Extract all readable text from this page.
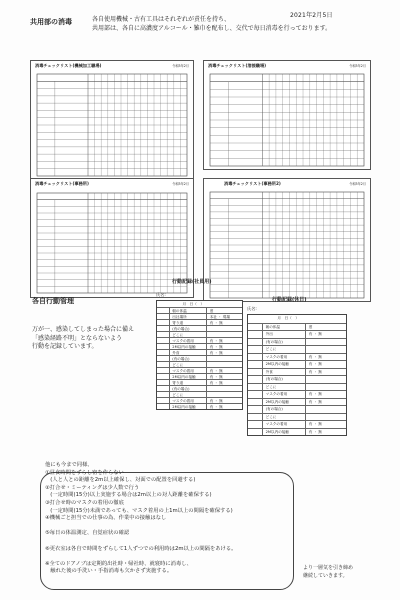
2021年2月5日
共用部の消毒	各自使用機械・古有工具はそれぞれが責任を持ち、
共用部は、各自に高濃度アルコール・雑巾を配布し、交代で毎日消毒を行っております。
消毒チェックリスト(機械加工職場)	令和3年2月	消毒チェックリスト(溶接職場)	令和3年2月
消毒チェックリスト(事務所)	令和3年2月	消毒チェックリスト(事務所2)	令和3年2月
各自行動管理
万が一、感染してしまった場合に備え
「感染経路不明」とならないよう
行動を記録しています。
氏名:
行動記録(社員用)
月　日（　）
朝の体温	度
出社場所	本社 ・ 現場
寄り道	有 ・ 無
(有の場合)
どこに
マスクの着用	有 ・ 無
2M以内の接触	有 ・ 無
外食	有 ・ 無
(有の場合)
どこに
マスクの着用	有 ・ 無
2M以内の接触	有 ・ 無
寄り道	有 ・ 無
(有の場合)
どこに
マスクの着用	有 ・ 無
2M以内の接触	有 ・ 無
行動記録(休日)
氏名:
月　日（　）
朝の体温	度
外出	有 ・ 無
(有の場合)
どこに
マスクの着用	有 ・ 無
2M以内の接触	有 ・ 無
外食	有 ・ 無
(有の場合)
どこに
マスクの着用	有 ・ 無
2M以内の接触	有 ・ 無
(有の場合)
どこに
マスクの着用	有 ・ 無
2M以内の接触	有 ・ 無
他にも今まで同様、
①昼食時間をずらし密を作らない
　(人と人との距離を2m以上確保し、対面での配置を回避する)
②打合せ・ミーティングは少人数で行う
　(一定時間(15分)以上実施する場合は2m以上の対人距離を確保する)
③打合せ時のマスクの着用の徹底
　(一定時間(15分)未満であっても、マスク着用の上1m以上の間隔を確保する)
④機械ごと担当での仕事の為、作業中の接触はなし

⑤毎日の体温測定、自覚症状の確認

⑥更衣室は各自で時間をずらして1人ずつでの利用時は2m以上の間隔をあける。

※全てのドアノブは定期的出社時・帰社時、就寝時に消毒し、
　触れた後の手洗い・手指消毒も欠かさず実施する。
より一層気を引き締め
継続していきます。
